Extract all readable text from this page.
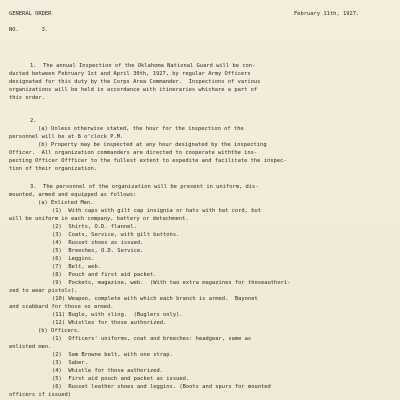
GENERAL ORDER	February 11th, 1927.
NO.       3.
1.  The annual Inspection of the Oklahoma National Guard will be con-
ducted between February 1st and April 30th, 1927, by regular Army Officers
designated for this duty by the Corps Area Commander.  Inspections of various
organizations will be held in accordance with itineraries whichare a part of
this order.
2.
(a) Unless otherwise stated, the hour for the inspection of the
personnel will be at 8 o'clock P.M.
(b) Property may be inspected at any hour designated by the inspecting
Officer.  All organization commanders are directed to cooperate withthe ins-
pecting Officer Offficer to the fullest extent to expedite and facilitate the inspec-
tion of their organization.
3.  The personnel of the organization will be present in uniform, dis-
mounted, armed and equipped as follows:
(a) Enlisted Men.
(1)  With caps with gilt cap insignia or hats with hat cord, but
will be uniform in each company, battery or detachment.
(2)  Shirts, O.D. flannel.
(3)  Coats, Service, with gilt buttons.
(4)  Russet shoes as issued.
(5)  Breeches, O.D. Service.
(6)  Leggins.
(7)  Belt, web.
(8)  Pouch and first aid packet.
(9)  Pockets, magazine, web.  (With two extra magazines for thoseauthori-
zed to wear pistols).
(10) Weapon, complete with which each branch is armed.  Bayonet
and scabbard for those so armed.
(11) Bugle, with sling.  (Buglers only).
(12) Whistles for those authorized.
(b) Officers.
(1)  Officers' uniforms, coat and breeches: headgear, same as
enlisted men.
(2)  Sam Browne belt, with one strap.
(3)  Saber.
(4)  Whistle for those authorized.
(5)  First aid pouch and packet as issued.
(6)  Russet leather shoes and leggins. (Boots and spurs for mounted
officers if issued)
